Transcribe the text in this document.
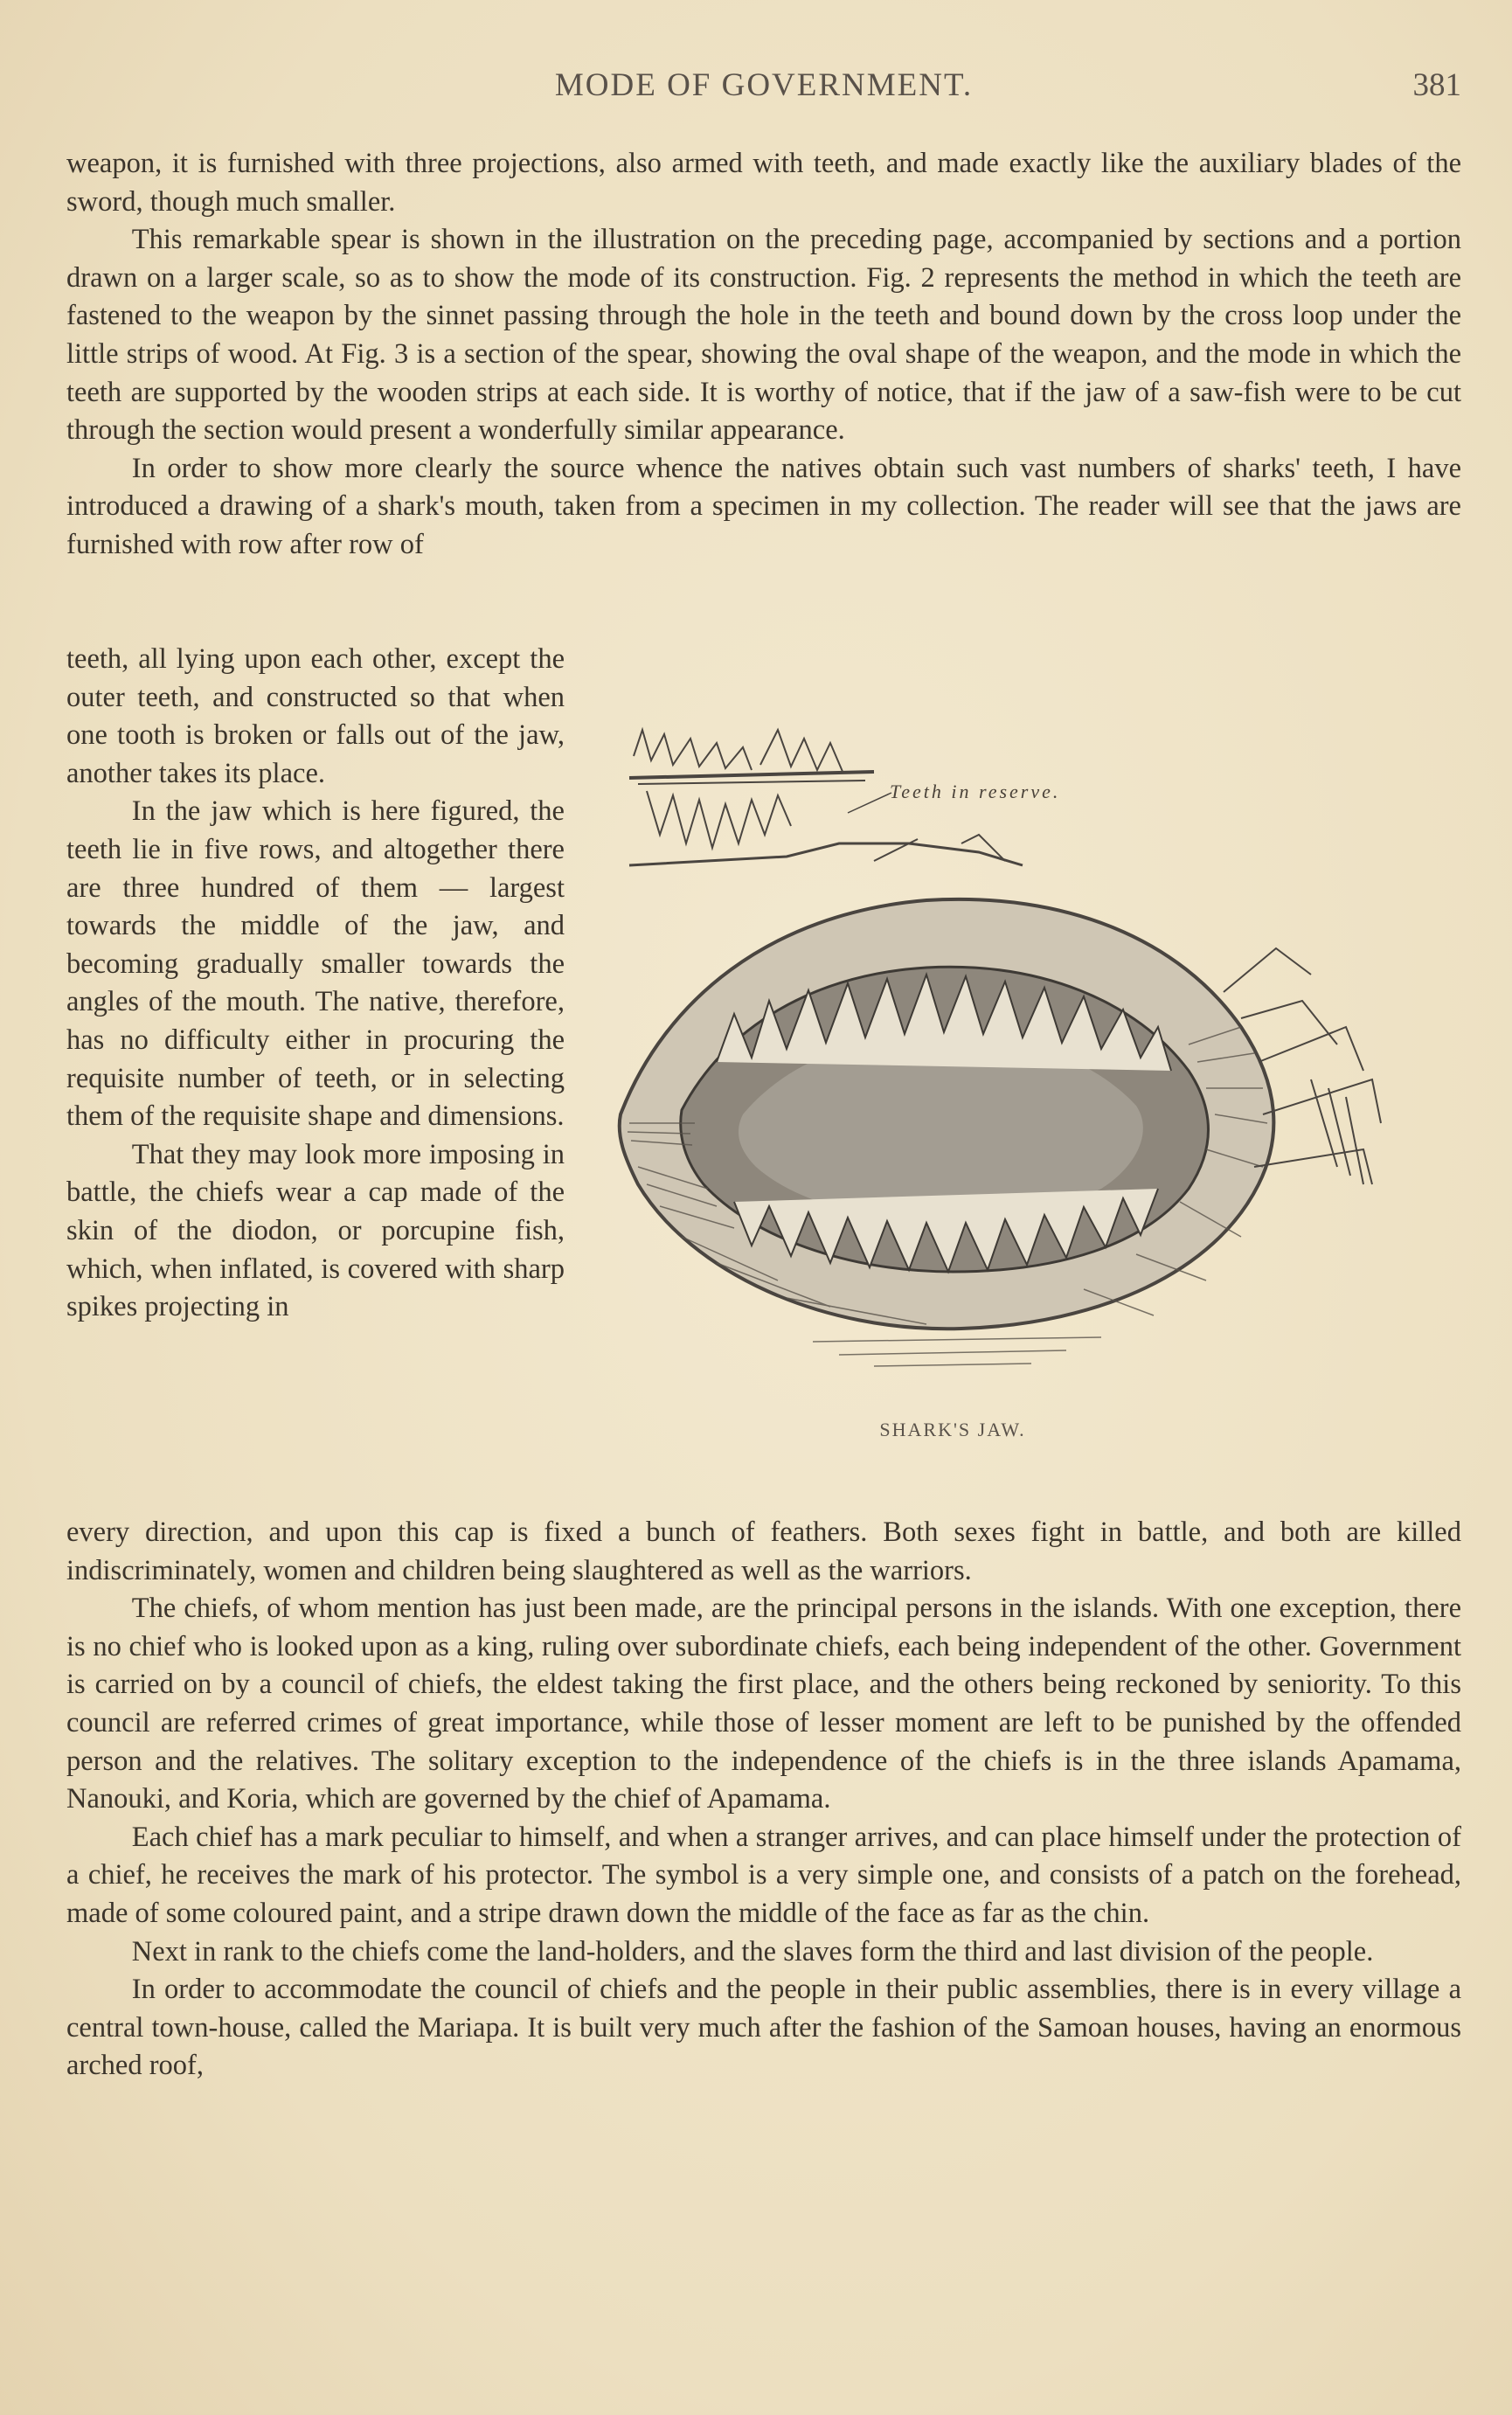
MODE OF GOVERNMENT.	381

weapon, it is furnished with three projections, also armed with teeth, and made exactly like the auxiliary blades of the sword, though much smaller.

This remarkable spear is shown in the illustration on the preceding page, accompanied by sections and a portion drawn on a larger scale, so as to show the mode of its construction. Fig. 2 represents the method in which the teeth are fastened to the weapon by the sinnet passing through the hole in the teeth and bound down by the cross loop under the little strips of wood. At Fig. 3 is a section of the spear, showing the oval shape of the weapon, and the mode in which the teeth are supported by the wooden strips at each side. It is worthy of notice, that if the jaw of a saw-fish were to be cut through the section would present a wonderfully similar appearance.

In order to show more clearly the source whence the natives obtain such vast numbers of sharks' teeth, I have introduced a drawing of a shark's mouth, taken from a specimen in my collection. The reader will see that the jaws are furnished with row after row of

teeth, all lying upon each other, except the outer teeth, and constructed so that when one tooth is broken or falls out of the jaw, another takes its place.

In the jaw which is here figured, the teeth lie in five rows, and altogether there are three hundred of them — largest towards the middle of the jaw, and becoming gradually smaller towards the angles of the mouth. The native, therefore, has no difficulty either in procuring the requisite number of teeth, or in selecting them of the requisite shape and dimensions.

That they may look more imposing in battle, the chiefs wear a cap made of the skin of the diodon, or porcupine fish, which, when inflated, is covered with sharp spikes projecting in

Teeth in reserve.
SHARK'S JAW.

every direction, and upon this cap is fixed a bunch of feathers. Both sexes fight in battle, and both are killed indiscriminately, women and children being slaughtered as well as the warriors.

The chiefs, of whom mention has just been made, are the principal persons in the islands. With one exception, there is no chief who is looked upon as a king, ruling over subordinate chiefs, each being independent of the other. Government is carried on by a council of chiefs, the eldest taking the first place, and the others being reckoned by seniority. To this council are referred crimes of great importance, while those of lesser moment are left to be punished by the offended person and the relatives. The solitary exception to the independence of the chiefs is in the three islands Apamama, Nanouki, and Koria, which are governed by the chief of Apamama.

Each chief has a mark peculiar to himself, and when a stranger arrives, and can place himself under the protection of a chief, he receives the mark of his protector. The symbol is a very simple one, and consists of a patch on the forehead, made of some coloured paint, and a stripe drawn down the middle of the face as far as the chin.

Next in rank to the chiefs come the land-holders, and the slaves form the third and last division of the people.

In order to accommodate the council of chiefs and the people in their public assemblies, there is in every village a central town-house, called the Mariapa. It is built very much after the fashion of the Samoan houses, having an enormous arched roof,
